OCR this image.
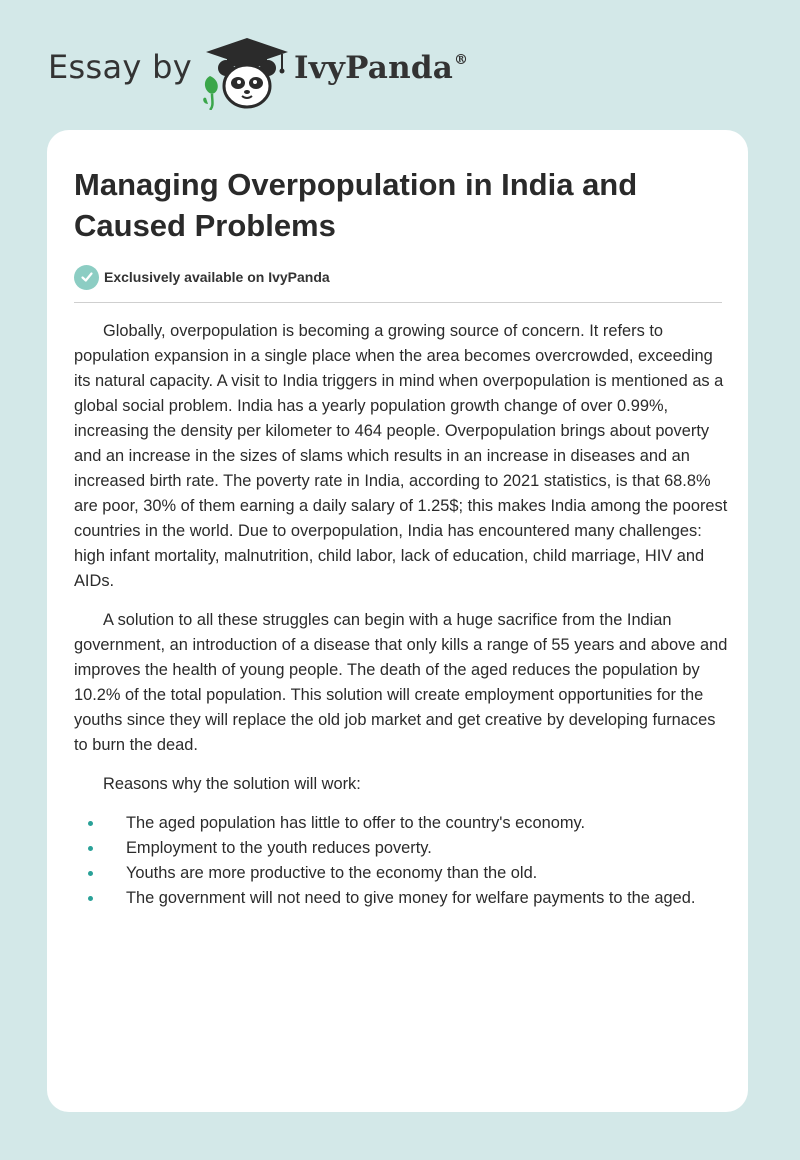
Essay by	IvyPanda®
Managing Overpopulation in India and Caused Problems
Exclusively available on IvyPanda

Globally, overpopulation is becoming a growing source of concern. It refers to population expansion in a single place when the area becomes overcrowded, exceeding its natural capacity. A visit to India triggers in mind when overpopulation is mentioned as a global social problem. India has a yearly population growth change of over 0.99%, increasing the density per kilometer to 464 people. Overpopulation brings about poverty and an increase in the sizes of slams which results in an increase in diseases and an increased birth rate. The poverty rate in India, according to 2021 statistics, is that 68.8% are poor, 30% of them earning a daily salary of 1.25$; this makes India among the poorest countries in the world. Due to overpopulation, India has encountered many challenges: high infant mortality, malnutrition, child labor, lack of education, child marriage, HIV and AIDs.

A solution to all these struggles can begin with a huge sacrifice from the Indian government, an introduction of a disease that only kills a range of 55 years and above and improves the health of young people. The death of the aged reduces the population by 10.2% of the total population. This solution will create employment opportunities for the youths since they will replace the old job market and get creative by developing furnaces to burn the dead.

Reasons why the solution will work:

The aged population has little to offer to the country's economy.
Employment to the youth reduces poverty.
Youths are more productive to the economy than the old.
The government will not need to give money for welfare payments to the aged.
